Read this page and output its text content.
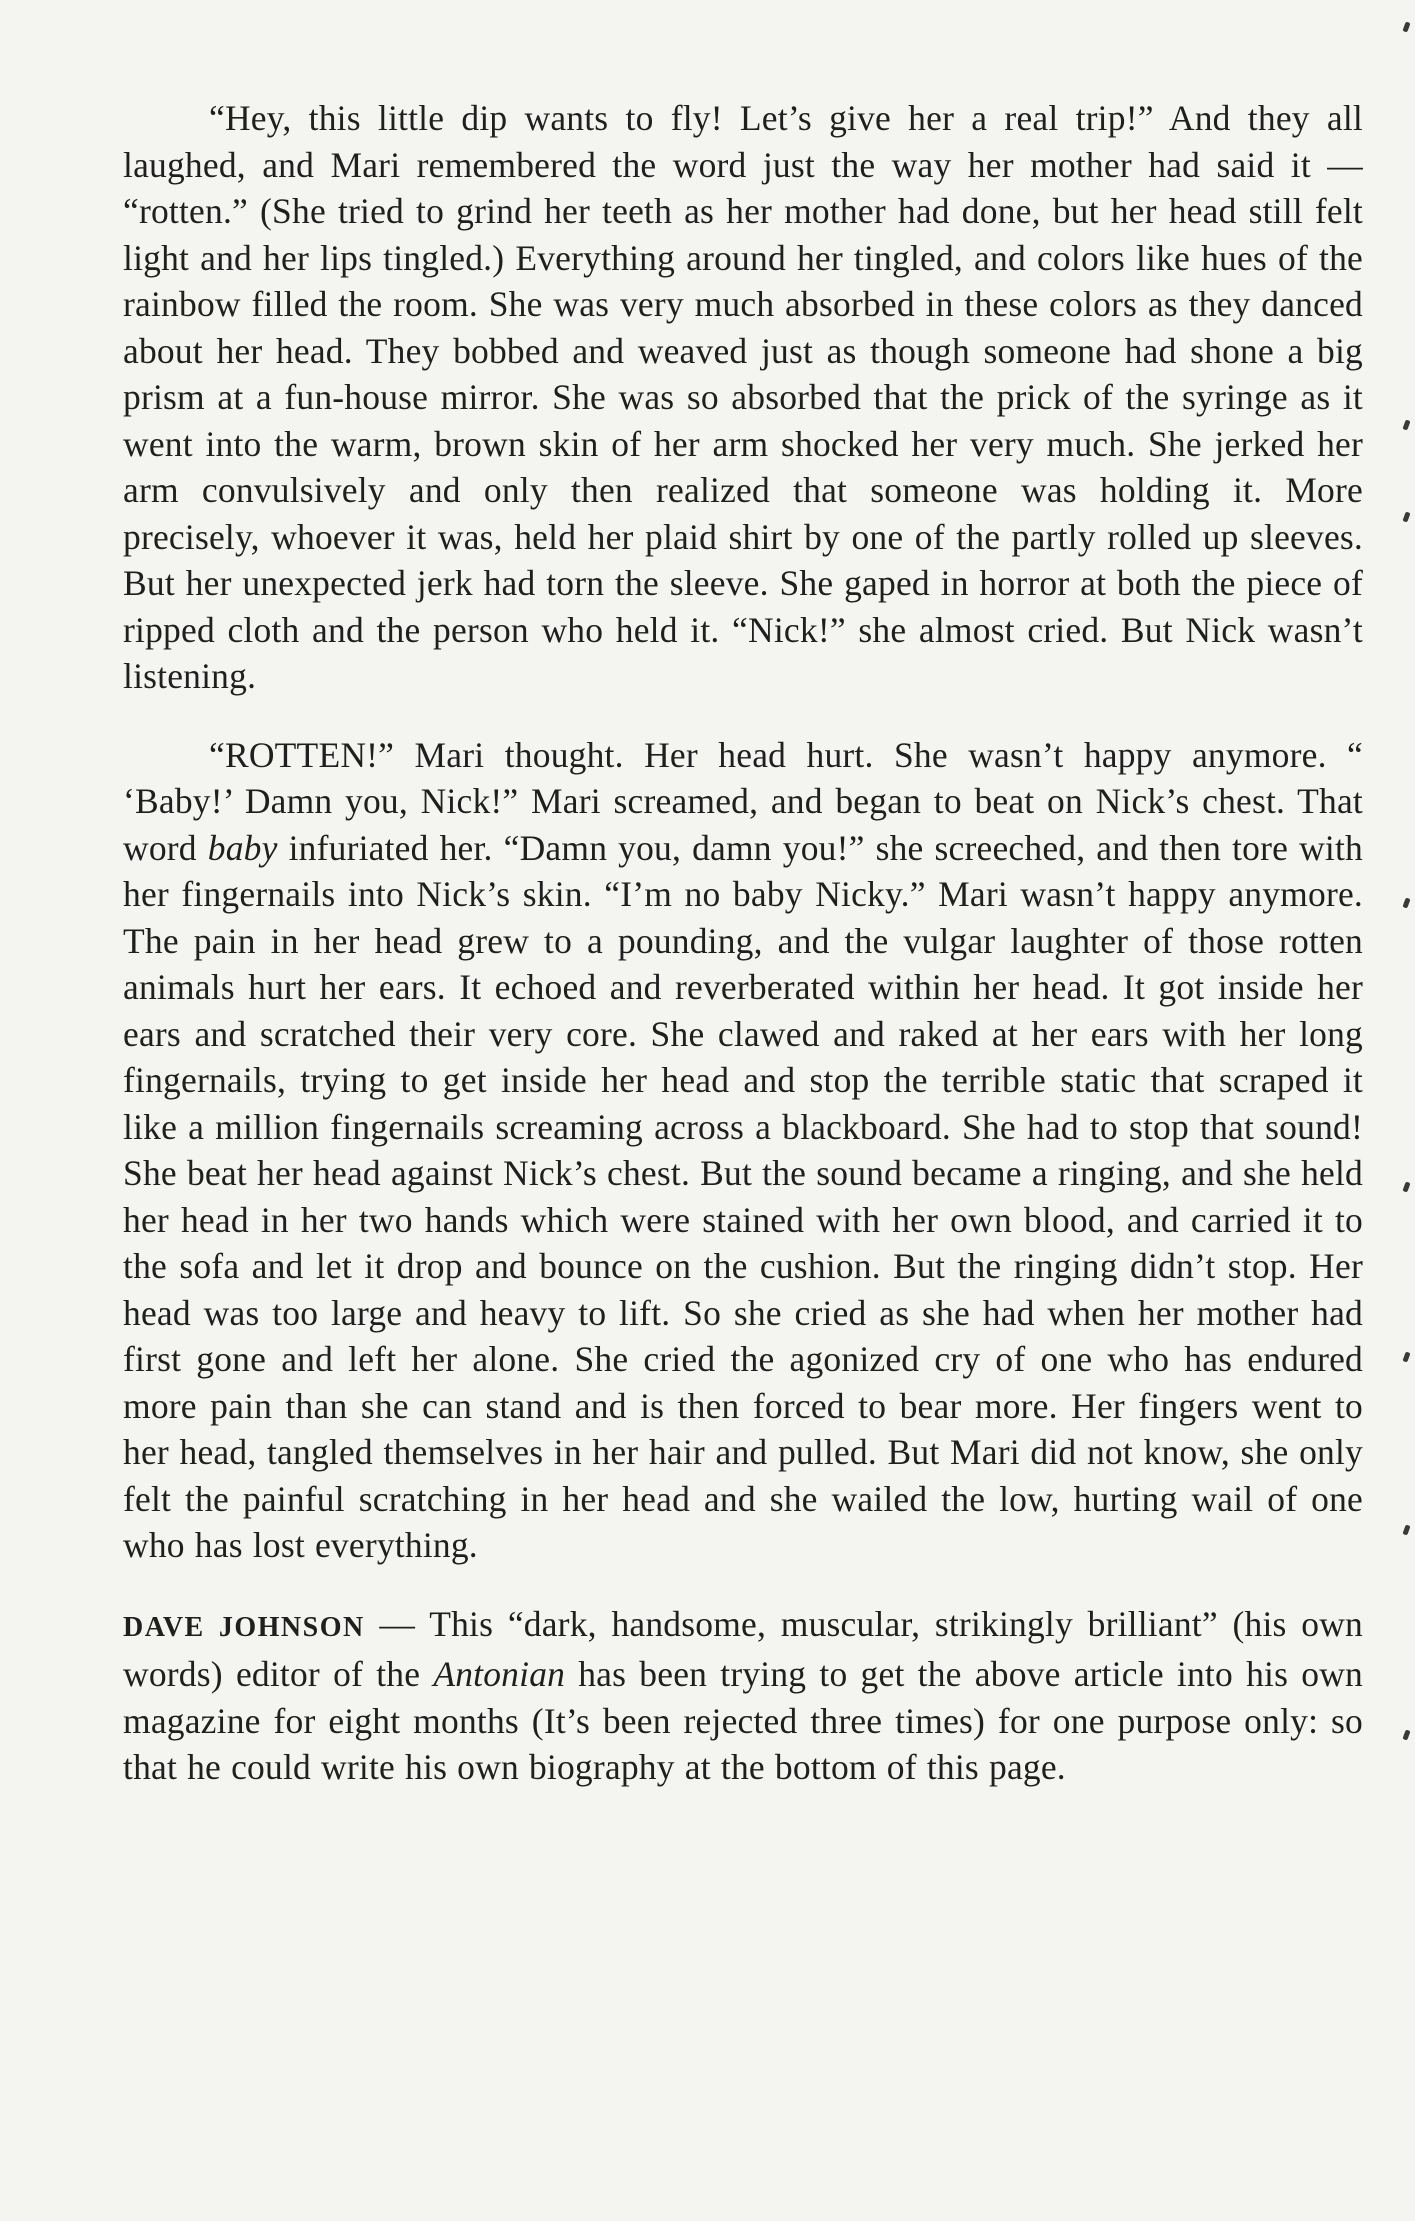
“Hey, this little dip wants to fly! Let’s give her a real trip!” And they all laughed, and Mari remembered the word just the way her mother had said it — “rotten.” (She tried to grind her teeth as her mother had done, but her head still felt light and her lips tingled.) Everything around her tingled, and colors like hues of the rainbow filled the room. She was very much absorbed in these colors as they danced about her head. They bobbed and weaved just as though someone had shone a big prism at a fun-house mirror. She was so absorbed that the prick of the syringe as it went into the warm, brown skin of her arm shocked her very much. She jerked her arm convulsively and only then realized that someone was holding it. More precisely, whoever it was, held her plaid shirt by one of the partly rolled up sleeves. But her unexpected jerk had torn the sleeve. She gaped in horror at both the piece of ripped cloth and the person who held it. “Nick!” she almost cried. But Nick wasn’t listening.

“ROTTEN!” Mari thought. Her head hurt. She wasn’t happy anymore. “ ‘Baby!’ Damn you, Nick!” Mari screamed, and began to beat on Nick’s chest. That word baby infuriated her. “Damn you, damn you!” she screeched, and then tore with her fingernails into Nick’s skin. “I’m no baby Nicky.” Mari wasn’t happy anymore. The pain in her head grew to a pounding, and the vulgar laughter of those rotten animals hurt her ears. It echoed and reverberated within her head. It got inside her ears and scratched their very core. She clawed and raked at her ears with her long fingernails, trying to get inside her head and stop the terrible static that scraped it like a million fingernails screaming across a blackboard. She had to stop that sound! She beat her head against Nick’s chest. But the sound became a ringing, and she held her head in her two hands which were stained with her own blood, and carried it to the sofa and let it drop and bounce on the cushion. But the ringing didn’t stop. Her head was too large and heavy to lift. So she cried as she had when her mother had first gone and left her alone. She cried the agonized cry of one who has endured more pain than she can stand and is then forced to bear more. Her fingers went to her head, tangled themselves in her hair and pulled. But Mari did not know, she only felt the painful scratching in her head and she wailed the low, hurting wail of one who has lost everything.

DAVE JOHNSON — This “dark, handsome, muscular, strikingly brilliant” (his own words) editor of the Antonian has been trying to get the above article into his own magazine for eight months (It’s been rejected three times) for one purpose only: so that he could write his own biography at the bottom of this page.
